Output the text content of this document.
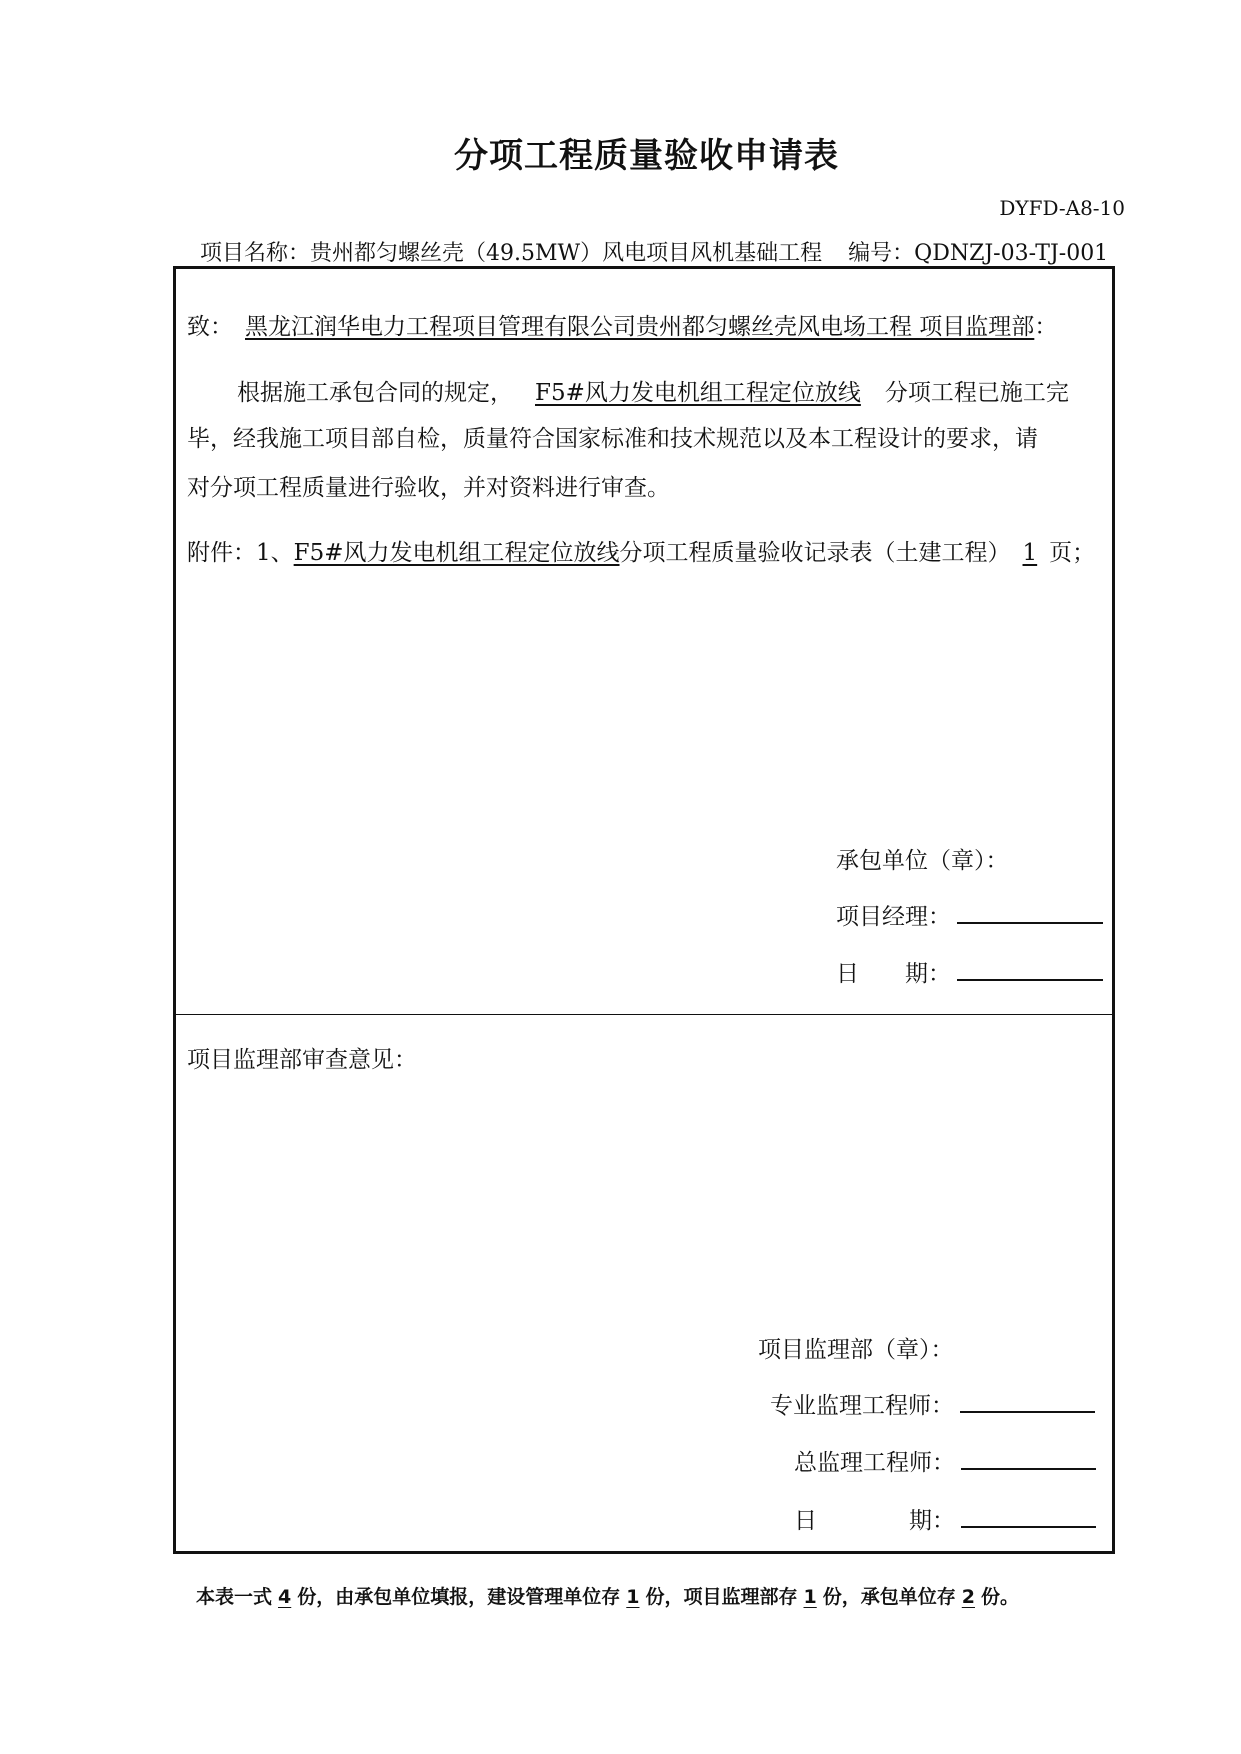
分项工程质量验收申请表
DYFD-A8-10
项目名称：贵州都匀螺丝壳（49.5MW）风电项目风机基础工程 编号：QDNZJ-03-TJ-001
致： 黑龙江润华电力工程项目管理有限公司贵州都匀螺丝壳风电场工程 项目监理部：
根据施工承包合同的规定， F5#风力发电机组工程定位放线 分项工程已施工完
毕，经我施工项目部自检，质量符合国家标准和技术规范以及本工程设计的要求，请
对分项工程质量进行验收，并对资料进行审查。
附件：1、F5#风力发电机组工程定位放线分项工程质量验收记录表（土建工程） 1 页；
承包单位（章）：
项目经理：
日　　期：
项目监理部审查意见：
项目监理部（章）：
专业监理工程师：
总监理工程师：
日　　　　期：
本表一式 4 份，由承包单位填报，建设管理单位存 1 份，项目监理部存 1 份，承包单位存 2 份。
